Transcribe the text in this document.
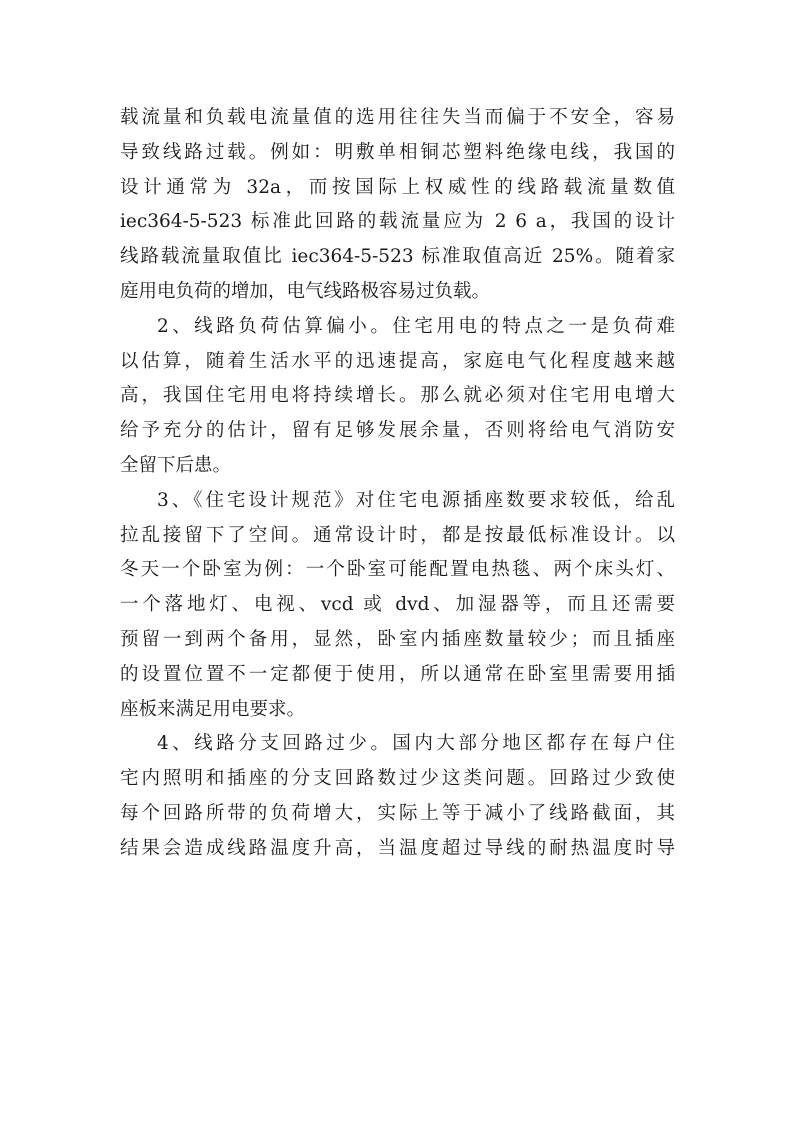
载流量和负载电流量值的选用往往失当而偏于不安全，容易
导致线路过载。例如：明敷单相铜芯塑料绝缘电线，我国的
设计通常为 32a，而按国际上权威性的线路载流量数值
iec364-5-523 标准此回路的载流量应为 2 6 a，我国的设计
线路载流量取值比 iec364-5-523 标准取值高近 25%。随着家
庭用电负荷的增加，电气线路极容易过负载。
2、线路负荷估算偏小。住宅用电的特点之一是负荷难
以估算，随着生活水平的迅速提高，家庭电气化程度越来越
高，我国住宅用电将持续增长。那么就必须对住宅用电增大
给予充分的估计，留有足够发展余量，否则将给电气消防安
全留下后患。
3、《住宅设计规范》对住宅电源插座数要求较低，给乱
拉乱接留下了空间。通常设计时，都是按最低标准设计。以
冬天一个卧室为例：一个卧室可能配置电热毯、两个床头灯、
一个落地灯、电视、vcd 或 dvd、加湿器等，而且还需要
预留一到两个备用，显然，卧室内插座数量较少；而且插座
的设置位置不一定都便于使用，所以通常在卧室里需要用插
座板来满足用电要求。
4、线路分支回路过少。国内大部分地区都存在每户住
宅内照明和插座的分支回路数过少这类问题。回路过少致使
每个回路所带的负荷增大，实际上等于减小了线路截面，其
结果会造成线路温度升高，当温度超过导线的耐热温度时导
